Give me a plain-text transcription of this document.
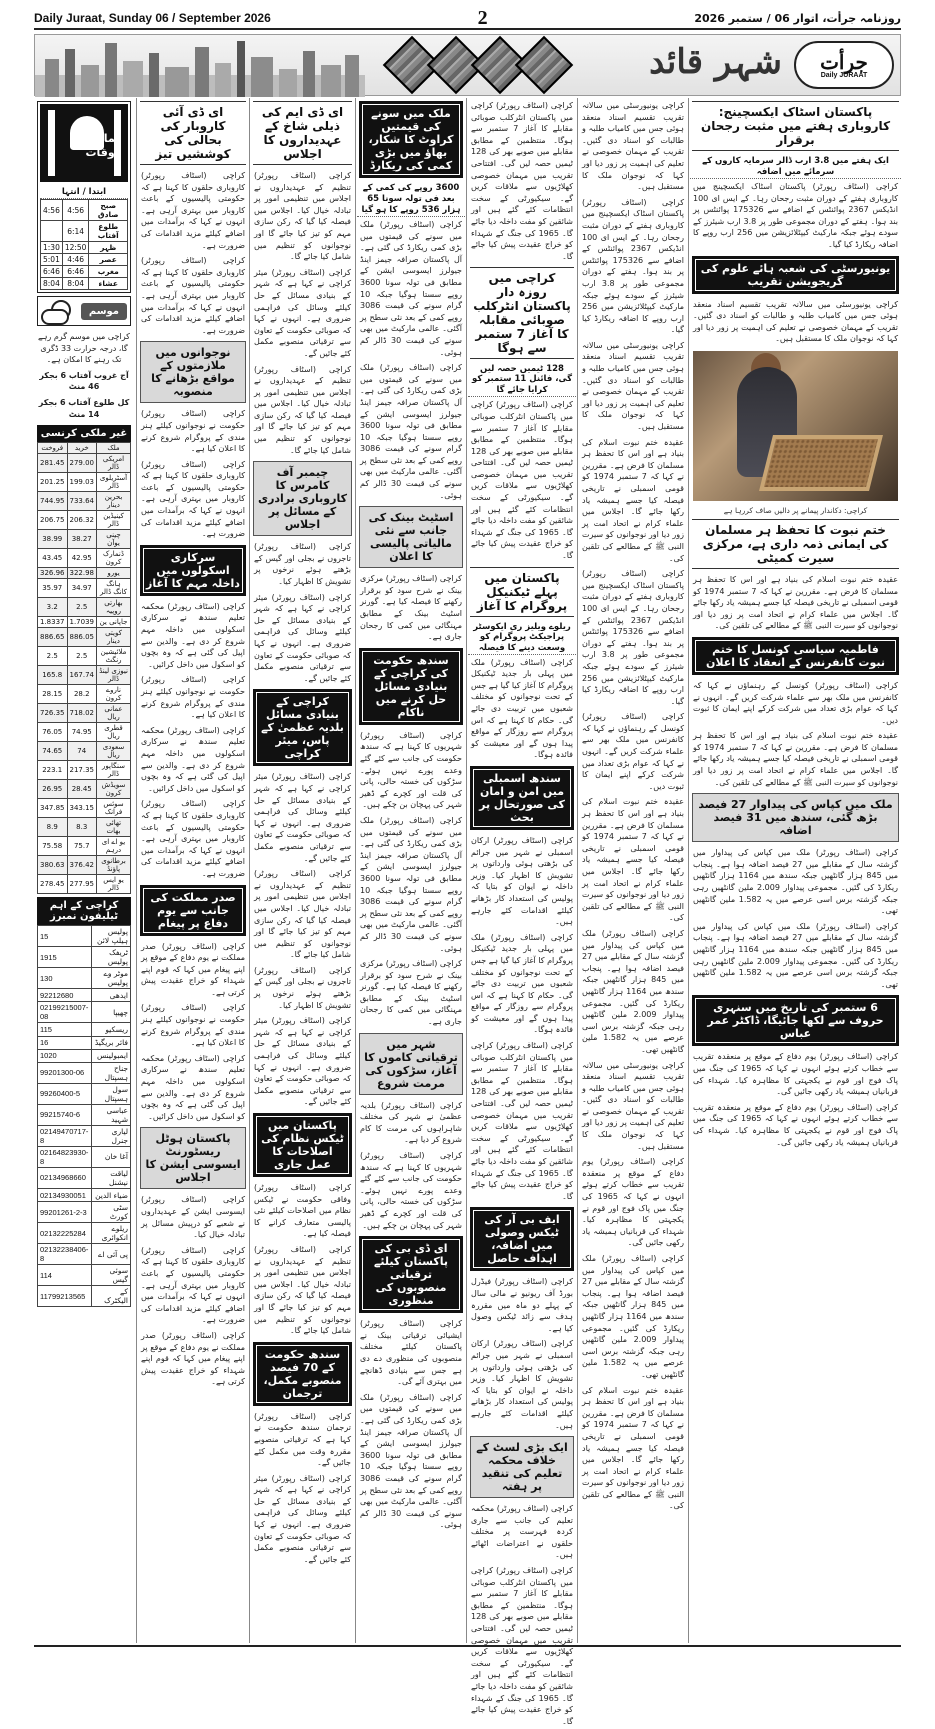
Daily Juraat, Sunday 06 / September 2026	2	روزنامہ جرأت، اتوار 06 / ستمبر 2026
شہر قائد جرأت
Daily JURAAT
نمازکے اوقات
ابتدا / انتہا
4:56	4:56	صبح صادق
	6:14	طلوع آفتاب
1:30	12:50	ظہر
5:01	4:46	عصر
6:46	6:46	مغرب
8:04	8:04	عشاء
موسم
کراچی میں موسم گرم رہے گا، درجہ حرارت 33 ڈگری تک رہنے کا امکان ہے۔
آج غروب آفتاب 6 بجکر 46 منٹ
کل طلوع آفتاب 6 بجکر 14 منٹ
غیر ملکی کرنسی
فروخت	خرید	ملک
281.45	279.00	امریکی ڈالر
201.25	199.03	آسٹریلوی ڈالر
744.95	733.64	بحرین دینار
206.75	206.32	کینیڈین ڈالر
38.99	38.27	چینی یوآن
43.45	42.95	ڈنمارک کرون
326.96	322.98	یورو
35.97	34.97	ہانگ کانگ ڈالر
3.2	2.5	بھارتی روپیہ
1.8337	1.7039	جاپانی ین
886.65	886.05	کویتی دینار
2.5	2.5	ملائیشین رنگٹ
165.8	167.74	نیوزی لینڈ ڈالر
28.15	28.2	ناروے کرون
726.35	718.02	عمانی ریال
76.05	74.95	قطری ریال
74.65	74	سعودی ریال
223.1	217.35	سنگاپور ڈالر
26.95	28.45	سویڈش کرون
347.85	343.15	سوئس فرانک
8.9	8.3	تھائی بھات
75.58	75.7	یو اے ای درہم
380.63	376.42	برطانوی پاؤنڈ
278.45	277.95	یو ایس ڈالر
کراچی کے اہم ٹیلیفون نمبرز
15	پولیس ہیلپ لائن
1915	ٹریفک پولیس
130	موٹر وے پولیس
92212680	ایدھی
02199215007-08	چھیپا
115	ریسکیو
16	فائر بریگیڈ
1020	ایمبولینس
99201300-06	جناح ہسپتال
99260400-5	سول ہسپتال
99215740-6	عباسی شہید
02149470717-8	لیاری جنرل
02164823930-8	آغا خان
02134968660	لیاقت نیشنل
02134930051	ضیاء الدین
99201261-2-3	سٹی کورٹ
02132225284	ریلوے انکوائری
02132238406-8	پی آئی اے
114	سوئی گیس
11799213565	کے الیکٹرک
ای ڈی آئی کاروبار کی بحالی کی کوششیں تیز
کراچی (اسٹاف رپورٹر) کاروباری حلقوں کا کہنا ہے کہ حکومتی پالیسیوں کے باعث کاروبار میں بہتری آرہی ہے۔ انہوں نے کہا کہ برآمدات میں اضافے کیلئے مزید اقدامات کی ضرورت ہے۔
کراچی (اسٹاف رپورٹر) کاروباری حلقوں کا کہنا ہے کہ حکومتی پالیسیوں کے باعث کاروبار میں بہتری آرہی ہے۔ انہوں نے کہا کہ برآمدات میں اضافے کیلئے مزید اقدامات کی ضرورت ہے۔
نوجوانوں میں ملازمتوں کے مواقع بڑھانے کا منصوبہ
کراچی (اسٹاف رپورٹر) حکومت نے نوجوانوں کیلئے ہنر مندی کے پروگرام شروع کرنے کا اعلان کیا ہے۔
کراچی (اسٹاف رپورٹر) کاروباری حلقوں کا کہنا ہے کہ حکومتی پالیسیوں کے باعث کاروبار میں بہتری آرہی ہے۔ انہوں نے کہا کہ برآمدات میں اضافے کیلئے مزید اقدامات کی ضرورت ہے۔
سرکاری اسکولوں میں داخلہ مہم کا آغاز
کراچی (اسٹاف رپورٹر) محکمہ تعلیم سندھ نے سرکاری اسکولوں میں داخلہ مہم شروع کر دی ہے۔ والدین سے اپیل کی گئی ہے کہ وہ بچوں کو اسکول میں داخل کرائیں۔
کراچی (اسٹاف رپورٹر) حکومت نے نوجوانوں کیلئے ہنر مندی کے پروگرام شروع کرنے کا اعلان کیا ہے۔
کراچی (اسٹاف رپورٹر) محکمہ تعلیم سندھ نے سرکاری اسکولوں میں داخلہ مہم شروع کر دی ہے۔ والدین سے اپیل کی گئی ہے کہ وہ بچوں کو اسکول میں داخل کرائیں۔
کراچی (اسٹاف رپورٹر) کاروباری حلقوں کا کہنا ہے کہ حکومتی پالیسیوں کے باعث کاروبار میں بہتری آرہی ہے۔ انہوں نے کہا کہ برآمدات میں اضافے کیلئے مزید اقدامات کی ضرورت ہے۔
صدر مملکت کی جانب سے یوم دفاع پر پیغام
کراچی (اسٹاف رپورٹر) صدر مملکت نے یوم دفاع کے موقع پر اپنے پیغام میں کہا کہ قوم اپنے شہداء کو خراج عقیدت پیش کرتی ہے۔
کراچی (اسٹاف رپورٹر) حکومت نے نوجوانوں کیلئے ہنر مندی کے پروگرام شروع کرنے کا اعلان کیا ہے۔
کراچی (اسٹاف رپورٹر) محکمہ تعلیم سندھ نے سرکاری اسکولوں میں داخلہ مہم شروع کر دی ہے۔ والدین سے اپیل کی گئی ہے کہ وہ بچوں کو اسکول میں داخل کرائیں۔
پاکستان ہوٹل ریسٹورنٹ ایسوسی ایشن کا اجلاس
کراچی (اسٹاف رپورٹر) ایسوسی ایشن کے عہدیداروں نے شعبے کو درپیش مسائل پر تبادلہ خیال کیا۔
کراچی (اسٹاف رپورٹر) کاروباری حلقوں کا کہنا ہے کہ حکومتی پالیسیوں کے باعث کاروبار میں بہتری آرہی ہے۔ انہوں نے کہا کہ برآمدات میں اضافے کیلئے مزید اقدامات کی ضرورت ہے۔
کراچی (اسٹاف رپورٹر) صدر مملکت نے یوم دفاع کے موقع پر اپنے پیغام میں کہا کہ قوم اپنے شہداء کو خراج عقیدت پیش کرتی ہے۔
ای ڈی ایم کی ذیلی شاخ کے عہدیداروں کا اجلاس
کراچی (اسٹاف رپورٹر) تنظیم کے عہدیداروں نے اجلاس میں تنظیمی امور پر تبادلہ خیال کیا۔ اجلاس میں فیصلہ کیا گیا کہ رکن سازی مہم کو تیز کیا جائے گا اور نوجوانوں کو تنظیم میں شامل کیا جائے گا۔
کراچی (اسٹاف رپورٹر) میئر کراچی نے کہا ہے کہ شہر کے بنیادی مسائل کے حل کیلئے وسائل کی فراہمی ضروری ہے۔ انہوں نے کہا کہ صوبائی حکومت کے تعاون سے ترقیاتی منصوبے مکمل کئے جائیں گے۔
کراچی (اسٹاف رپورٹر) تنظیم کے عہدیداروں نے اجلاس میں تنظیمی امور پر تبادلہ خیال کیا۔ اجلاس میں فیصلہ کیا گیا کہ رکن سازی مہم کو تیز کیا جائے گا اور نوجوانوں کو تنظیم میں شامل کیا جائے گا۔
چیمبر آف کامرس کا کاروباری برادری کے مسائل پر اجلاس
کراچی (اسٹاف رپورٹر) تاجروں نے بجلی اور گیس کے بڑھتے ہوئے نرخوں پر تشویش کا اظہار کیا۔
کراچی (اسٹاف رپورٹر) میئر کراچی نے کہا ہے کہ شہر کے بنیادی مسائل کے حل کیلئے وسائل کی فراہمی ضروری ہے۔ انہوں نے کہا کہ صوبائی حکومت کے تعاون سے ترقیاتی منصوبے مکمل کئے جائیں گے۔
کراچی کے بنیادی مسائل بلدیہ عظمیٰ کے پاس، میئر کراچی
کراچی (اسٹاف رپورٹر) میئر کراچی نے کہا ہے کہ شہر کے بنیادی مسائل کے حل کیلئے وسائل کی فراہمی ضروری ہے۔ انہوں نے کہا کہ صوبائی حکومت کے تعاون سے ترقیاتی منصوبے مکمل کئے جائیں گے۔
کراچی (اسٹاف رپورٹر) تنظیم کے عہدیداروں نے اجلاس میں تنظیمی امور پر تبادلہ خیال کیا۔ اجلاس میں فیصلہ کیا گیا کہ رکن سازی مہم کو تیز کیا جائے گا اور نوجوانوں کو تنظیم میں شامل کیا جائے گا۔
کراچی (اسٹاف رپورٹر) تاجروں نے بجلی اور گیس کے بڑھتے ہوئے نرخوں پر تشویش کا اظہار کیا۔
کراچی (اسٹاف رپورٹر) میئر کراچی نے کہا ہے کہ شہر کے بنیادی مسائل کے حل کیلئے وسائل کی فراہمی ضروری ہے۔ انہوں نے کہا کہ صوبائی حکومت کے تعاون سے ترقیاتی منصوبے مکمل کئے جائیں گے۔
پاکستان میں ٹیکس نظام کی اصلاحات کا عمل جاری
کراچی (اسٹاف رپورٹر) وفاقی حکومت نے ٹیکس نظام میں اصلاحات کیلئے نئی پالیسی متعارف کرانے کا فیصلہ کیا ہے۔
کراچی (اسٹاف رپورٹر) تنظیم کے عہدیداروں نے اجلاس میں تنظیمی امور پر تبادلہ خیال کیا۔ اجلاس میں فیصلہ کیا گیا کہ رکن سازی مہم کو تیز کیا جائے گا اور نوجوانوں کو تنظیم میں شامل کیا جائے گا۔
سندھ حکومت کے 70 فیصد منصوبے مکمل، ترجمان
کراچی (اسٹاف رپورٹر) ترجمان سندھ حکومت نے کہا ہے کہ ترقیاتی منصوبے مقررہ وقت میں مکمل کئے جائیں گے۔
کراچی (اسٹاف رپورٹر) میئر کراچی نے کہا ہے کہ شہر کے بنیادی مسائل کے حل کیلئے وسائل کی فراہمی ضروری ہے۔ انہوں نے کہا کہ صوبائی حکومت کے تعاون سے ترقیاتی منصوبے مکمل کئے جائیں گے۔
ملک میں سونے کی قیمتیں کراوٹ کا شکار، بھاؤ میں بڑی کمی کی ریکارڈ
3600 روپے کی کمی کے بعد فی تولہ سونا 65 ہزار 536 روپے کا ہو گیا
کراچی (اسٹاف رپورٹر) ملک میں سونے کی قیمتوں میں بڑی کمی ریکارڈ کی گئی ہے۔ آل پاکستان صرافہ جیمز اینڈ جیولرز ایسوسی ایشن کے مطابق فی تولہ سونا 3600 روپے سستا ہوگیا جبکہ 10 گرام سونے کی قیمت 3086 روپے کمی کے بعد نئی سطح پر آگئی۔ عالمی مارکیٹ میں بھی سونے کی قیمت 30 ڈالر کم ہوئی۔
کراچی (اسٹاف رپورٹر) ملک میں سونے کی قیمتوں میں بڑی کمی ریکارڈ کی گئی ہے۔ آل پاکستان صرافہ جیمز اینڈ جیولرز ایسوسی ایشن کے مطابق فی تولہ سونا 3600 روپے سستا ہوگیا جبکہ 10 گرام سونے کی قیمت 3086 روپے کمی کے بعد نئی سطح پر آگئی۔ عالمی مارکیٹ میں بھی سونے کی قیمت 30 ڈالر کم ہوئی۔
اسٹیٹ بینک کی جانب سے نئی مالیاتی پالیسی کا اعلان
کراچی (اسٹاف رپورٹر) مرکزی بینک نے شرح سود کو برقرار رکھنے کا فیصلہ کیا ہے۔ گورنر اسٹیٹ بینک کے مطابق مہنگائی میں کمی کا رجحان جاری ہے۔
سندھ حکومت کی کراچی کے بنیادی مسائل حل کرنے میں ناکام
کراچی (اسٹاف رپورٹر) شہریوں کا کہنا ہے کہ سندھ حکومت کی جانب سے کئے گئے وعدے پورے نہیں ہوئے۔ سڑکوں کی خستہ حالی، پانی کی قلت اور کچرے کے ڈھیر شہر کی پہچان بن چکے ہیں۔
کراچی (اسٹاف رپورٹر) ملک میں سونے کی قیمتوں میں بڑی کمی ریکارڈ کی گئی ہے۔ آل پاکستان صرافہ جیمز اینڈ جیولرز ایسوسی ایشن کے مطابق فی تولہ سونا 3600 روپے سستا ہوگیا جبکہ 10 گرام سونے کی قیمت 3086 روپے کمی کے بعد نئی سطح پر آگئی۔ عالمی مارکیٹ میں بھی سونے کی قیمت 30 ڈالر کم ہوئی۔
کراچی (اسٹاف رپورٹر) مرکزی بینک نے شرح سود کو برقرار رکھنے کا فیصلہ کیا ہے۔ گورنر اسٹیٹ بینک کے مطابق مہنگائی میں کمی کا رجحان جاری ہے۔
شہر میں ترقیاتی کاموں کا آغاز، سڑکوں کی مرمت شروع
کراچی (اسٹاف رپورٹر) بلدیہ عظمیٰ نے شہر کی مختلف شاہراہوں کی مرمت کا کام شروع کر دیا ہے۔
کراچی (اسٹاف رپورٹر) شہریوں کا کہنا ہے کہ سندھ حکومت کی جانب سے کئے گئے وعدے پورے نہیں ہوئے۔ سڑکوں کی خستہ حالی، پانی کی قلت اور کچرے کے ڈھیر شہر کی پہچان بن چکے ہیں۔
ای ڈی بی کی پاکستان کیلئے ترقیاتی منصوبوں کی منظوری
کراچی (اسٹاف رپورٹر) ایشیائی ترقیاتی بینک نے پاکستان کیلئے مختلف منصوبوں کی منظوری دے دی ہے جس سے بنیادی ڈھانچے میں بہتری آئے گی۔
کراچی (اسٹاف رپورٹر) ملک میں سونے کی قیمتوں میں بڑی کمی ریکارڈ کی گئی ہے۔ آل پاکستان صرافہ جیمز اینڈ جیولرز ایسوسی ایشن کے مطابق فی تولہ سونا 3600 روپے سستا ہوگیا جبکہ 10 گرام سونے کی قیمت 3086 روپے کمی کے بعد نئی سطح پر آگئی۔ عالمی مارکیٹ میں بھی سونے کی قیمت 30 ڈالر کم ہوئی۔
کراچی (اسٹاف رپورٹر) کراچی میں پاکستان انٹرکلب صوبائی مقابلے کا آغاز 7 ستمبر سے ہوگا۔ منتظمین کے مطابق مقابلے میں صوبے بھر کی 128 ٹیمیں حصہ لیں گی۔ افتتاحی تقریب میں مہمان خصوصی کھلاڑیوں سے ملاقات کریں گے۔ سیکیورٹی کے سخت انتظامات کئے گئے ہیں اور شائقین کو مفت داخلہ دیا جائے گا۔ 1965 کی جنگ کے شہداء کو خراج عقیدت پیش کیا جائے گا۔
کراچی میں روزہ دار پاکستان انٹرکلب صوبائی مقابلہ کا آغاز 7 ستمبر سے ہوگا
128 ٹیمیں حصہ لیں گی، فائنل 11 ستمبر کو کرایا جائے گا
کراچی (اسٹاف رپورٹر) کراچی میں پاکستان انٹرکلب صوبائی مقابلے کا آغاز 7 ستمبر سے ہوگا۔ منتظمین کے مطابق مقابلے میں صوبے بھر کی 128 ٹیمیں حصہ لیں گی۔ افتتاحی تقریب میں مہمان خصوصی کھلاڑیوں سے ملاقات کریں گے۔ سیکیورٹی کے سخت انتظامات کئے گئے ہیں اور شائقین کو مفت داخلہ دیا جائے گا۔ 1965 کی جنگ کے شہداء کو خراج عقیدت پیش کیا جائے گا۔
پاکستان میں پہلے ٹیکنیکل پروگرام کا آغاز
ریلوے ویلیز ری ایکوسٹر پراجیکٹ پروگرام کو وسعت دینے کا فیصلہ
کراچی (اسٹاف رپورٹر) ملک میں پہلی بار جدید ٹیکنیکل پروگرام کا آغاز کیا گیا ہے جس کے تحت نوجوانوں کو مختلف شعبوں میں تربیت دی جائے گی۔ حکام کا کہنا ہے کہ اس پروگرام سے روزگار کے مواقع پیدا ہوں گے اور معیشت کو فائدہ ہوگا۔
سندھ اسمبلی میں امن و امان کی صورتحال پر بحث
کراچی (اسٹاف رپورٹر) ارکان اسمبلی نے شہر میں جرائم کی بڑھتی ہوئی وارداتوں پر تشویش کا اظہار کیا۔ وزیر داخلہ نے ایوان کو بتایا کہ پولیس کی استعداد کار بڑھانے کیلئے اقدامات کئے جارہے ہیں۔
کراچی (اسٹاف رپورٹر) ملک میں پہلی بار جدید ٹیکنیکل پروگرام کا آغاز کیا گیا ہے جس کے تحت نوجوانوں کو مختلف شعبوں میں تربیت دی جائے گی۔ حکام کا کہنا ہے کہ اس پروگرام سے روزگار کے مواقع پیدا ہوں گے اور معیشت کو فائدہ ہوگا۔
کراچی (اسٹاف رپورٹر) کراچی میں پاکستان انٹرکلب صوبائی مقابلے کا آغاز 7 ستمبر سے ہوگا۔ منتظمین کے مطابق مقابلے میں صوبے بھر کی 128 ٹیمیں حصہ لیں گی۔ افتتاحی تقریب میں مہمان خصوصی کھلاڑیوں سے ملاقات کریں گے۔ سیکیورٹی کے سخت انتظامات کئے گئے ہیں اور شائقین کو مفت داخلہ دیا جائے گا۔ 1965 کی جنگ کے شہداء کو خراج عقیدت پیش کیا جائے گا۔
ایف بی آر کی ٹیکس وصولی میں اضافہ، اہداف حاصل
کراچی (اسٹاف رپورٹر) فیڈرل بورڈ آف ریونیو نے مالی سال کے پہلے دو ماہ میں مقررہ ہدف سے زائد ٹیکس وصول کیا ہے۔
کراچی (اسٹاف رپورٹر) ارکان اسمبلی نے شہر میں جرائم کی بڑھتی ہوئی وارداتوں پر تشویش کا اظہار کیا۔ وزیر داخلہ نے ایوان کو بتایا کہ پولیس کی استعداد کار بڑھانے کیلئے اقدامات کئے جارہے ہیں۔
ایک بڑی لسٹ کے خلاف محکمہ تعلیم کی تنقید پر ہفتہ
کراچی (اسٹاف رپورٹر) محکمہ تعلیم کی جانب سے جاری کردہ فہرست پر مختلف حلقوں نے اعتراضات اٹھائے ہیں۔
کراچی (اسٹاف رپورٹر) کراچی میں پاکستان انٹرکلب صوبائی مقابلے کا آغاز 7 ستمبر سے ہوگا۔ منتظمین کے مطابق مقابلے میں صوبے بھر کی 128 ٹیمیں حصہ لیں گی۔ افتتاحی تقریب میں مہمان خصوصی کھلاڑیوں سے ملاقات کریں گے۔ سیکیورٹی کے سخت انتظامات کئے گئے ہیں اور شائقین کو مفت داخلہ دیا جائے گا۔ 1965 کی جنگ کے شہداء کو خراج عقیدت پیش کیا جائے گا۔
کراچی یونیورسٹی میں سالانہ تقریب تقسیم اسناد منعقد ہوئی جس میں کامیاب طلبہ و طالبات کو اسناد دی گئیں۔ تقریب کے مہمان خصوصی نے تعلیم کی اہمیت پر زور دیا اور کہا کہ نوجوان ملک کا مستقبل ہیں۔
کراچی (اسٹاف رپورٹر) پاکستان اسٹاک ایکسچینج میں کاروباری ہفتے کے دوران مثبت رجحان رہا۔ کے ایس ای 100 انڈیکس 2367 پوائنٹس کے اضافے سے 175326 پوائنٹس پر بند ہوا۔ ہفتے کے دوران مجموعی طور پر 3.8 ارب شیئرز کے سودے ہوئے جبکہ مارکیٹ کیپٹلائزیشن میں 256 ارب روپے کا اضافہ ریکارڈ کیا گیا۔
کراچی یونیورسٹی میں سالانہ تقریب تقسیم اسناد منعقد ہوئی جس میں کامیاب طلبہ و طالبات کو اسناد دی گئیں۔ تقریب کے مہمان خصوصی نے تعلیم کی اہمیت پر زور دیا اور کہا کہ نوجوان ملک کا مستقبل ہیں۔
عقیدہ ختم نبوت اسلام کی بنیاد ہے اور اس کا تحفظ ہر مسلمان کا فرض ہے۔ مقررین نے کہا کہ 7 ستمبر 1974 کو قومی اسمبلی نے تاریخی فیصلہ کیا جسے ہمیشہ یاد رکھا جائے گا۔ اجلاس میں علماء کرام نے اتحاد امت پر زور دیا اور نوجوانوں کو سیرت النبی ﷺ کے مطالعے کی تلقین کی۔
کراچی (اسٹاف رپورٹر) پاکستان اسٹاک ایکسچینج میں کاروباری ہفتے کے دوران مثبت رجحان رہا۔ کے ایس ای 100 انڈیکس 2367 پوائنٹس کے اضافے سے 175326 پوائنٹس پر بند ہوا۔ ہفتے کے دوران مجموعی طور پر 3.8 ارب شیئرز کے سودے ہوئے جبکہ مارکیٹ کیپٹلائزیشن میں 256 ارب روپے کا اضافہ ریکارڈ کیا گیا۔
کراچی (اسٹاف رپورٹر) کونسل کے رہنماؤں نے کہا کہ کانفرنس میں ملک بھر سے علماء شرکت کریں گے۔ انہوں نے کہا کہ عوام بڑی تعداد میں شرکت کرکے اپنے ایمان کا ثبوت دیں۔
عقیدہ ختم نبوت اسلام کی بنیاد ہے اور اس کا تحفظ ہر مسلمان کا فرض ہے۔ مقررین نے کہا کہ 7 ستمبر 1974 کو قومی اسمبلی نے تاریخی فیصلہ کیا جسے ہمیشہ یاد رکھا جائے گا۔ اجلاس میں علماء کرام نے اتحاد امت پر زور دیا اور نوجوانوں کو سیرت النبی ﷺ کے مطالعے کی تلقین کی۔
کراچی (اسٹاف رپورٹر) ملک میں کپاس کی پیداوار میں گزشتہ سال کے مقابلے میں 27 فیصد اضافہ ہوا ہے۔ پنجاب میں 845 ہزار گانٹھیں جبکہ سندھ میں 1164 ہزار گانٹھیں ریکارڈ کی گئیں۔ مجموعی پیداوار 2.009 ملین گانٹھیں رہی جبکہ گزشتہ برس اسی عرصے میں یہ 1.582 ملین گانٹھیں تھی۔
کراچی یونیورسٹی میں سالانہ تقریب تقسیم اسناد منعقد ہوئی جس میں کامیاب طلبہ و طالبات کو اسناد دی گئیں۔ تقریب کے مہمان خصوصی نے تعلیم کی اہمیت پر زور دیا اور کہا کہ نوجوان ملک کا مستقبل ہیں۔
کراچی (اسٹاف رپورٹر) یوم دفاع کے موقع پر منعقدہ تقریب سے خطاب کرتے ہوئے انہوں نے کہا کہ 1965 کی جنگ میں پاک فوج اور قوم نے یکجہتی کا مظاہرہ کیا۔ شہداء کی قربانیاں ہمیشہ یاد رکھی جائیں گی۔
کراچی (اسٹاف رپورٹر) ملک میں کپاس کی پیداوار میں گزشتہ سال کے مقابلے میں 27 فیصد اضافہ ہوا ہے۔ پنجاب میں 845 ہزار گانٹھیں جبکہ سندھ میں 1164 ہزار گانٹھیں ریکارڈ کی گئیں۔ مجموعی پیداوار 2.009 ملین گانٹھیں رہی جبکہ گزشتہ برس اسی عرصے میں یہ 1.582 ملین گانٹھیں تھی۔
عقیدہ ختم نبوت اسلام کی بنیاد ہے اور اس کا تحفظ ہر مسلمان کا فرض ہے۔ مقررین نے کہا کہ 7 ستمبر 1974 کو قومی اسمبلی نے تاریخی فیصلہ کیا جسے ہمیشہ یاد رکھا جائے گا۔ اجلاس میں علماء کرام نے اتحاد امت پر زور دیا اور نوجوانوں کو سیرت النبی ﷺ کے مطالعے کی تلقین کی۔
پاکستان اسٹاک ایکسچینج: کاروباری ہفتے میں مثبت رجحان برقرار
ایک ہفتے میں 3.8 ارب ڈالر سرمایہ کاروں کے سرمائے میں اضافہ
کراچی (اسٹاف رپورٹر) پاکستان اسٹاک ایکسچینج میں کاروباری ہفتے کے دوران مثبت رجحان رہا۔ کے ایس ای 100 انڈیکس 2367 پوائنٹس کے اضافے سے 175326 پوائنٹس پر بند ہوا۔ ہفتے کے دوران مجموعی طور پر 3.8 ارب شیئرز کے سودے ہوئے جبکہ مارکیٹ کیپٹلائزیشن میں 256 ارب روپے کا اضافہ ریکارڈ کیا گیا۔
یونیورسٹی کی شعبہ ہائے علوم کی گریجویشن تقریب
کراچی یونیورسٹی میں سالانہ تقریب تقسیم اسناد منعقد ہوئی جس میں کامیاب طلبہ و طالبات کو اسناد دی گئیں۔ تقریب کے مہمان خصوصی نے تعلیم کی اہمیت پر زور دیا اور کہا کہ نوجوان ملک کا مستقبل ہیں۔
کراچی: دکاندار پیمانے پر دالیں صاف کررہا ہے
ختم نبوت کا تحفظ ہر مسلمان کی ایمانی ذمہ داری ہے، مرکزی سیرت کمیٹی
عقیدہ ختم نبوت اسلام کی بنیاد ہے اور اس کا تحفظ ہر مسلمان کا فرض ہے۔ مقررین نے کہا کہ 7 ستمبر 1974 کو قومی اسمبلی نے تاریخی فیصلہ کیا جسے ہمیشہ یاد رکھا جائے گا۔ اجلاس میں علماء کرام نے اتحاد امت پر زور دیا اور نوجوانوں کو سیرت النبی ﷺ کے مطالعے کی تلقین کی۔
فاطمیہ سیاسی کونسل کا ختم نبوت کانفرنس کے انعقاد کا اعلان
کراچی (اسٹاف رپورٹر) کونسل کے رہنماؤں نے کہا کہ کانفرنس میں ملک بھر سے علماء شرکت کریں گے۔ انہوں نے کہا کہ عوام بڑی تعداد میں شرکت کرکے اپنے ایمان کا ثبوت دیں۔
عقیدہ ختم نبوت اسلام کی بنیاد ہے اور اس کا تحفظ ہر مسلمان کا فرض ہے۔ مقررین نے کہا کہ 7 ستمبر 1974 کو قومی اسمبلی نے تاریخی فیصلہ کیا جسے ہمیشہ یاد رکھا جائے گا۔ اجلاس میں علماء کرام نے اتحاد امت پر زور دیا اور نوجوانوں کو سیرت النبی ﷺ کے مطالعے کی تلقین کی۔
ملک میں کپاس کی پیداوار 27 فیصد بڑھ گئی، سندھ میں 31 فیصد اضافہ
کراچی (اسٹاف رپورٹر) ملک میں کپاس کی پیداوار میں گزشتہ سال کے مقابلے میں 27 فیصد اضافہ ہوا ہے۔ پنجاب میں 845 ہزار گانٹھیں جبکہ سندھ میں 1164 ہزار گانٹھیں ریکارڈ کی گئیں۔ مجموعی پیداوار 2.009 ملین گانٹھیں رہی جبکہ گزشتہ برس اسی عرصے میں یہ 1.582 ملین گانٹھیں تھی۔
کراچی (اسٹاف رپورٹر) ملک میں کپاس کی پیداوار میں گزشتہ سال کے مقابلے میں 27 فیصد اضافہ ہوا ہے۔ پنجاب میں 845 ہزار گانٹھیں جبکہ سندھ میں 1164 ہزار گانٹھیں ریکارڈ کی گئیں۔ مجموعی پیداوار 2.009 ملین گانٹھیں رہی جبکہ گزشتہ برس اسی عرصے میں یہ 1.582 ملین گانٹھیں تھی۔
6 ستمبر کی تاریخ میں سنہری حروف سے لکھا جائیگا، ڈاکٹر عمر عباس
کراچی (اسٹاف رپورٹر) یوم دفاع کے موقع پر منعقدہ تقریب سے خطاب کرتے ہوئے انہوں نے کہا کہ 1965 کی جنگ میں پاک فوج اور قوم نے یکجہتی کا مظاہرہ کیا۔ شہداء کی قربانیاں ہمیشہ یاد رکھی جائیں گی۔
کراچی (اسٹاف رپورٹر) یوم دفاع کے موقع پر منعقدہ تقریب سے خطاب کرتے ہوئے انہوں نے کہا کہ 1965 کی جنگ میں پاک فوج اور قوم نے یکجہتی کا مظاہرہ کیا۔ شہداء کی قربانیاں ہمیشہ یاد رکھی جائیں گی۔
